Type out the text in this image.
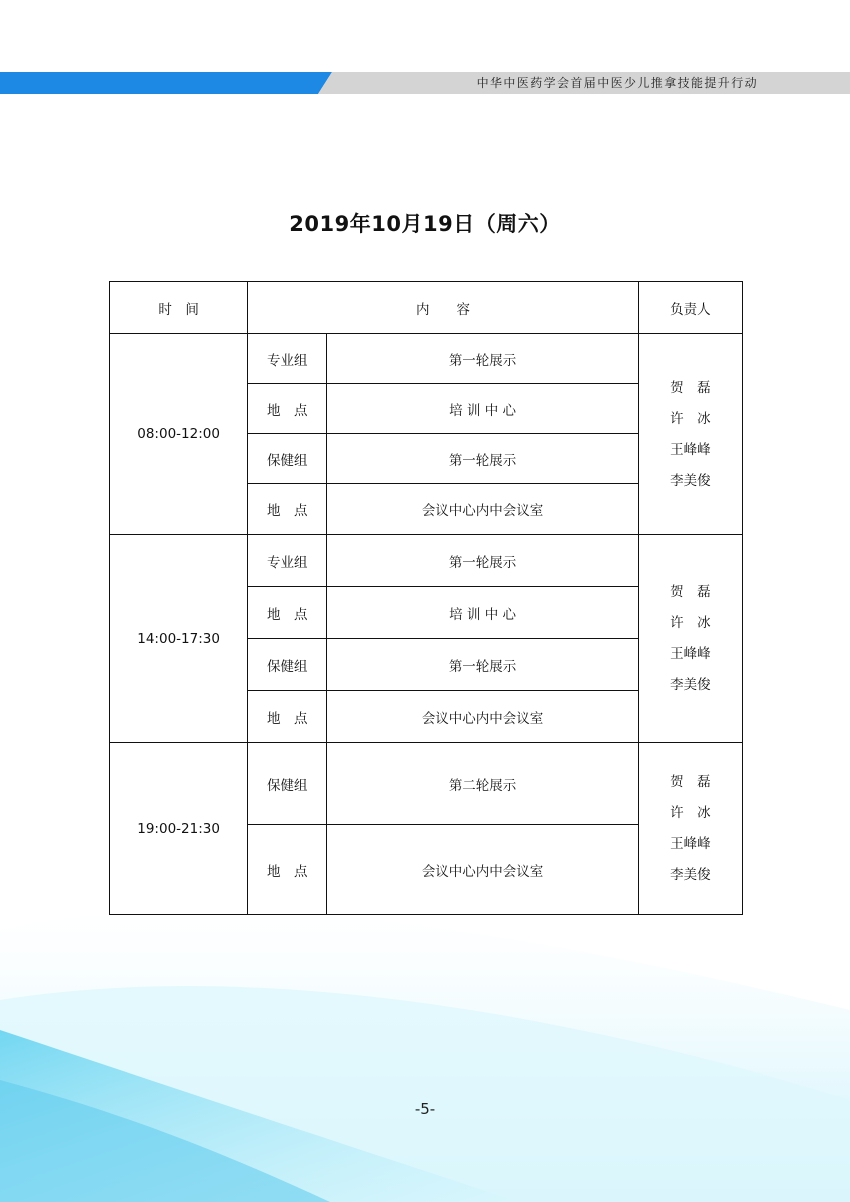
中华中医药学会首届中医少儿推拿技能提升行动
2019年10月19日（周六）
时　间	内　　容		负责人
08:00-12:00	专业组	第一轮展示	贺　磊
许　冰
王峰峰
李美俊

	地　点	培 训 中 心	
	保健组	第一轮展示	
	地　点	会议中心内中会议室	
14:00-17:30	专业组	第一轮展示	贺　磊
许　冰
王峰峰
李美俊

	地　点	培 训 中 心	
	保健组	第一轮展示	
	地　点	会议中心内中会议室	
19:00-21:30	保健组	第二轮展示	贺　磊
许　冰
王峰峰
李美俊

	地　点	会议中心内中会议室	
-5-
